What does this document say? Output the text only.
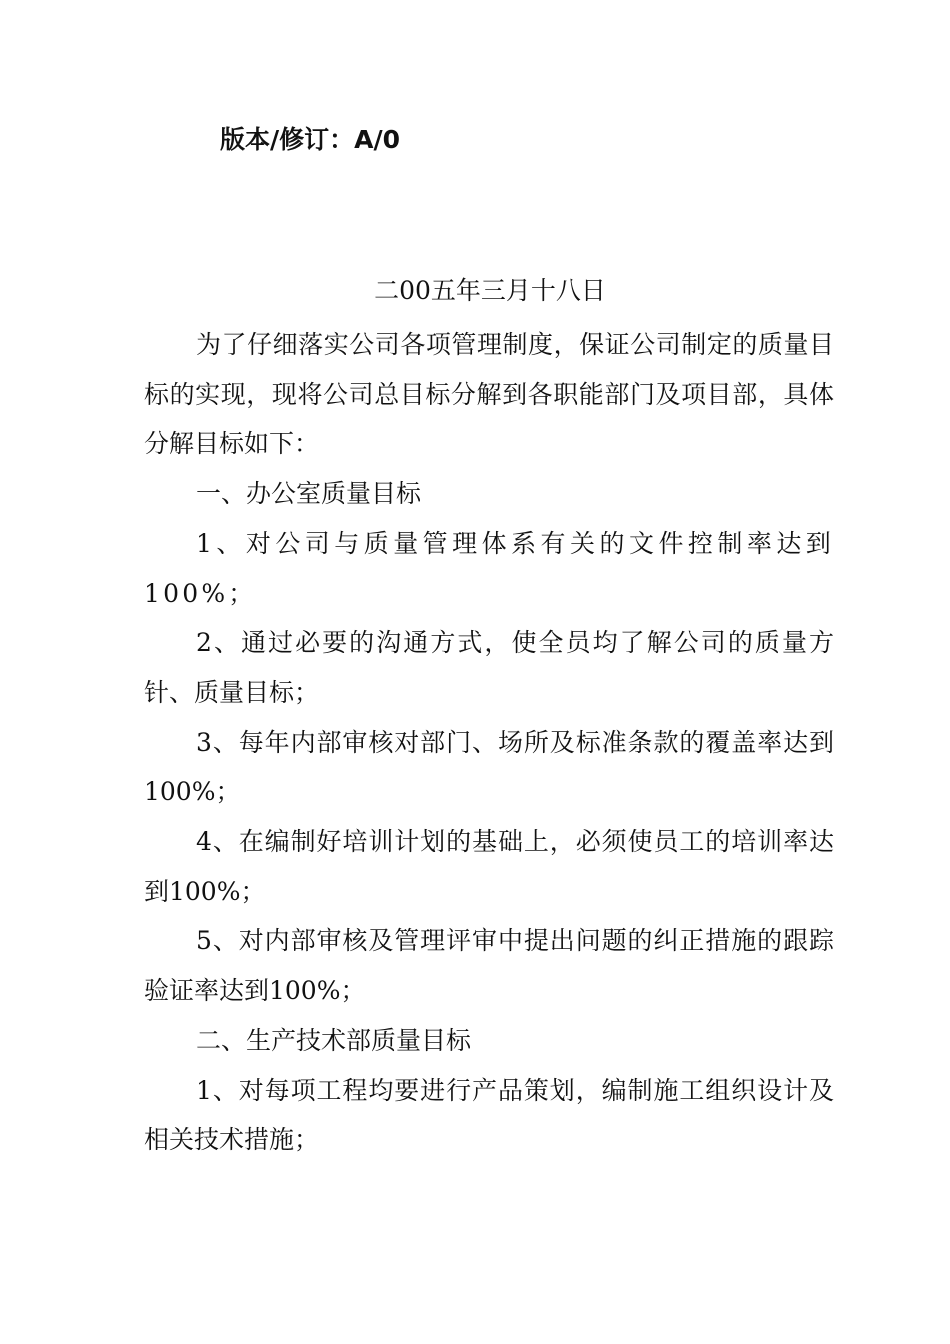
版本/修订：A/0
二00五年三月十八日

为了仔细落实公司各项管理制度，保证公司制定的质量目标的实现，现将公司总目标分解到各职能部门及项目部，具体分解目标如下：

一、办公室质量目标

1、对公司与质量管理体系有关的文件控制率达到100%；

2、通过必要的沟通方式，使全员均了解公司的质量方针、质量目标；

3、每年内部审核对部门、场所及标准条款的覆盖率达到100%；

4、在编制好培训计划的基础上，必须使员工的培训率达到100%；

5、对内部审核及管理评审中提出问题的纠正措施的跟踪验证率达到100%；

二、生产技术部质量目标

1、对每项工程均要进行产品策划，编制施工组织设计及相关技术措施；
